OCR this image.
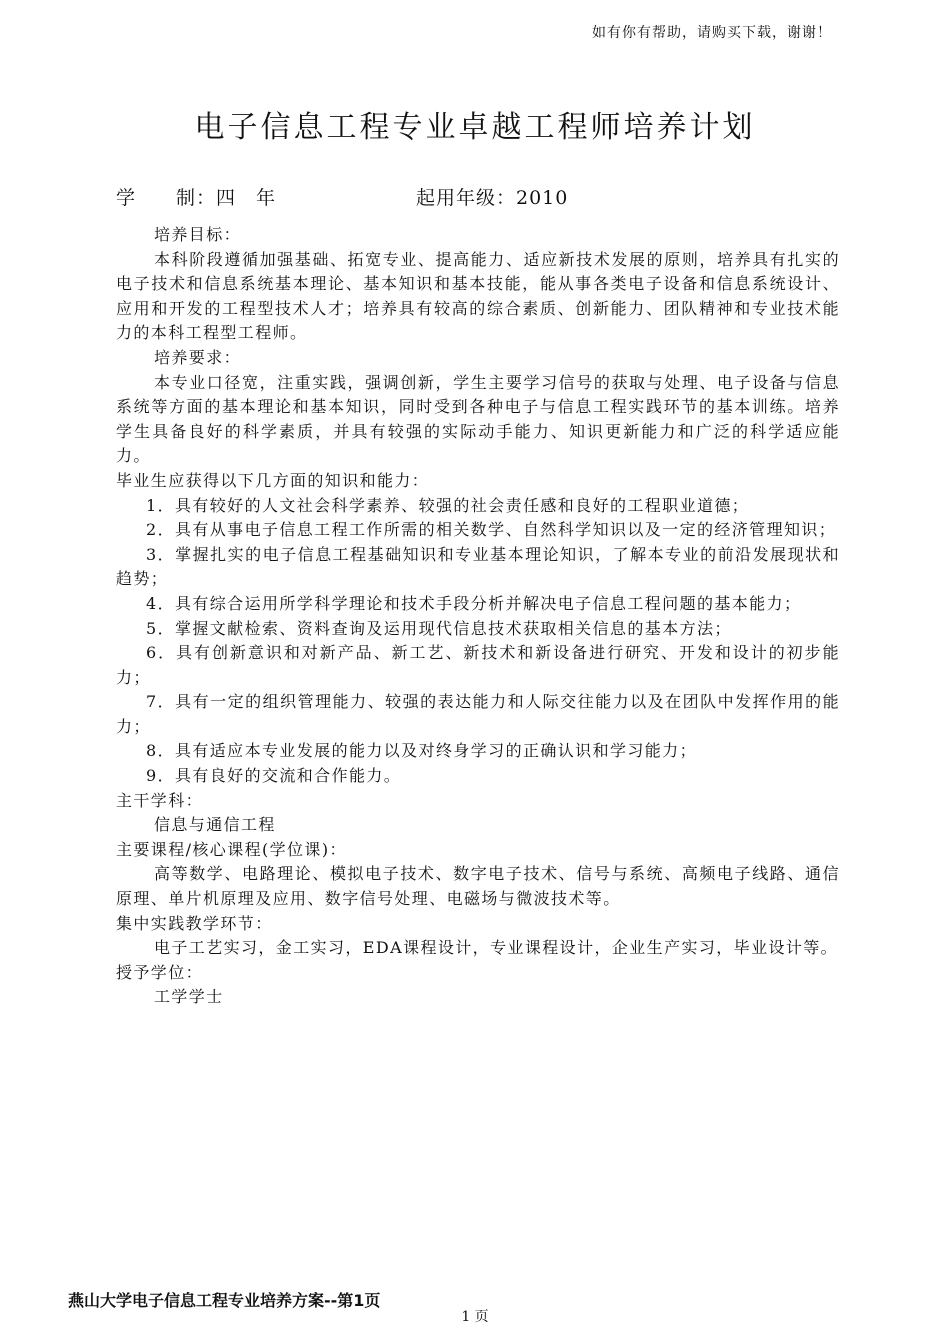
如有你有帮助，请购买下载，谢谢！
电子信息工程专业卓越工程师培养计划
学　　制：四　年	起用年级：2010

培养目标：

本科阶段遵循加强基础、拓宽专业、提高能力、适应新技术发展的原则，培养具有扎实的电子技术和信息系统基本理论、基本知识和基本技能，能从事各类电子设备和信息系统设计、应用和开发的工程型技术人才；培养具有较高的综合素质、创新能力、团队精神和专业技术能力的本科工程型工程师。

培养要求：

本专业口径宽，注重实践，强调创新，学生主要学习信号的获取与处理、电子设备与信息系统等方面的基本理论和基本知识，同时受到各种电子与信息工程实践环节的基本训练。培养学生具备良好的科学素质，并具有较强的实际动手能力、知识更新能力和广泛的科学适应能力。

毕业生应获得以下几方面的知识和能力：

1．具有较好的人文社会科学素养、较强的社会责任感和良好的工程职业道德；

2．具有从事电子信息工程工作所需的相关数学、自然科学知识以及一定的经济管理知识；

3．掌握扎实的电子信息工程基础知识和专业基本理论知识，了解本专业的前沿发展现状和趋势；

4．具有综合运用所学科学理论和技术手段分析并解决电子信息工程问题的基本能力；

5．掌握文献检索、资料查询及运用现代信息技术获取相关信息的基本方法；

6．具有创新意识和对新产品、新工艺、新技术和新设备进行研究、开发和设计的初步能力；

7．具有一定的组织管理能力、较强的表达能力和人际交往能力以及在团队中发挥作用的能力；

8．具有适应本专业发展的能力以及对终身学习的正确认识和学习能力；

9．具有良好的交流和合作能力。

主干学科：

信息与通信工程

主要课程/核心课程(学位课)：

高等数学、电路理论、模拟电子技术、数字电子技术、信号与系统、高频电子线路、通信原理、单片机原理及应用、数字信号处理、电磁场与微波技术等。

集中实践教学环节：

电子工艺实习，金工实习，EDA课程设计，专业课程设计，企业生产实习，毕业设计等。

授予学位：

工学学士

燕山大学电子信息工程专业培养方案--第1页
1 页
